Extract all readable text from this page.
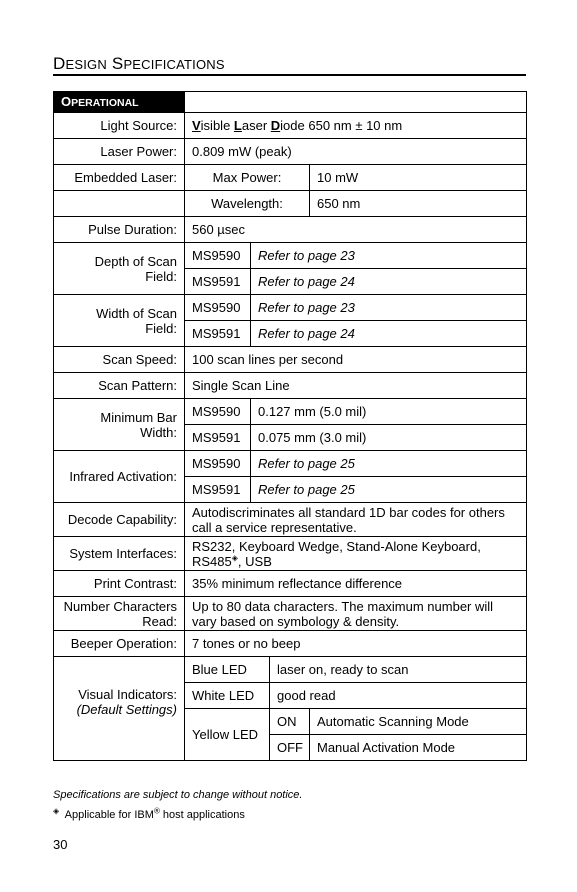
DESIGN SPECIFICATIONS
OPERATIONAL				
Light Source:	Visible Laser Diode 650 nm ± 10 nm			
Laser Power:	0.809 mW (peak)			
Embedded Laser:	Max Power:			10 mW
	Wavelength:			650 nm
Pulse Duration:	560 µsec			
Depth of Scan Field:	MS9590	Refer to page 23		
	MS9591	Refer to page 24		
Width of Scan Field:	MS9590	Refer to page 23		
	MS9591	Refer to page 24		
Scan Speed:	100 scan lines per second			
Scan Pattern:	Single Scan Line			
Minimum Bar Width:	MS9590	0.127 mm (5.0 mil)		
	MS9591	0.075 mm (3.0 mil)		
Infrared Activation:	MS9590	Refer to page 25		
	MS9591	Refer to page 25		
Decode Capability:	Autodiscriminates all standard 1D bar codes for others call a service representative.			
System Interfaces:	RS232, Keyboard Wedge, Stand-Alone Keyboard,
RS485◈, USB			
Print Contrast:	35% minimum reflectance difference			
Number Characters
Read:	Up to 80 data characters. The maximum number will vary based on symbology & density.			
Beeper Operation:	7 tones or no beep			
Visual Indicators:
(Default Settings)	Blue LED		laser on, ready to scan	
	White LED		good read	
	Yellow LED		ON	Automatic Scanning Mode
			OFF	Manual Activation Mode
Specifications are subject to change without notice.
◈ Applicable for IBM® host applications
30
